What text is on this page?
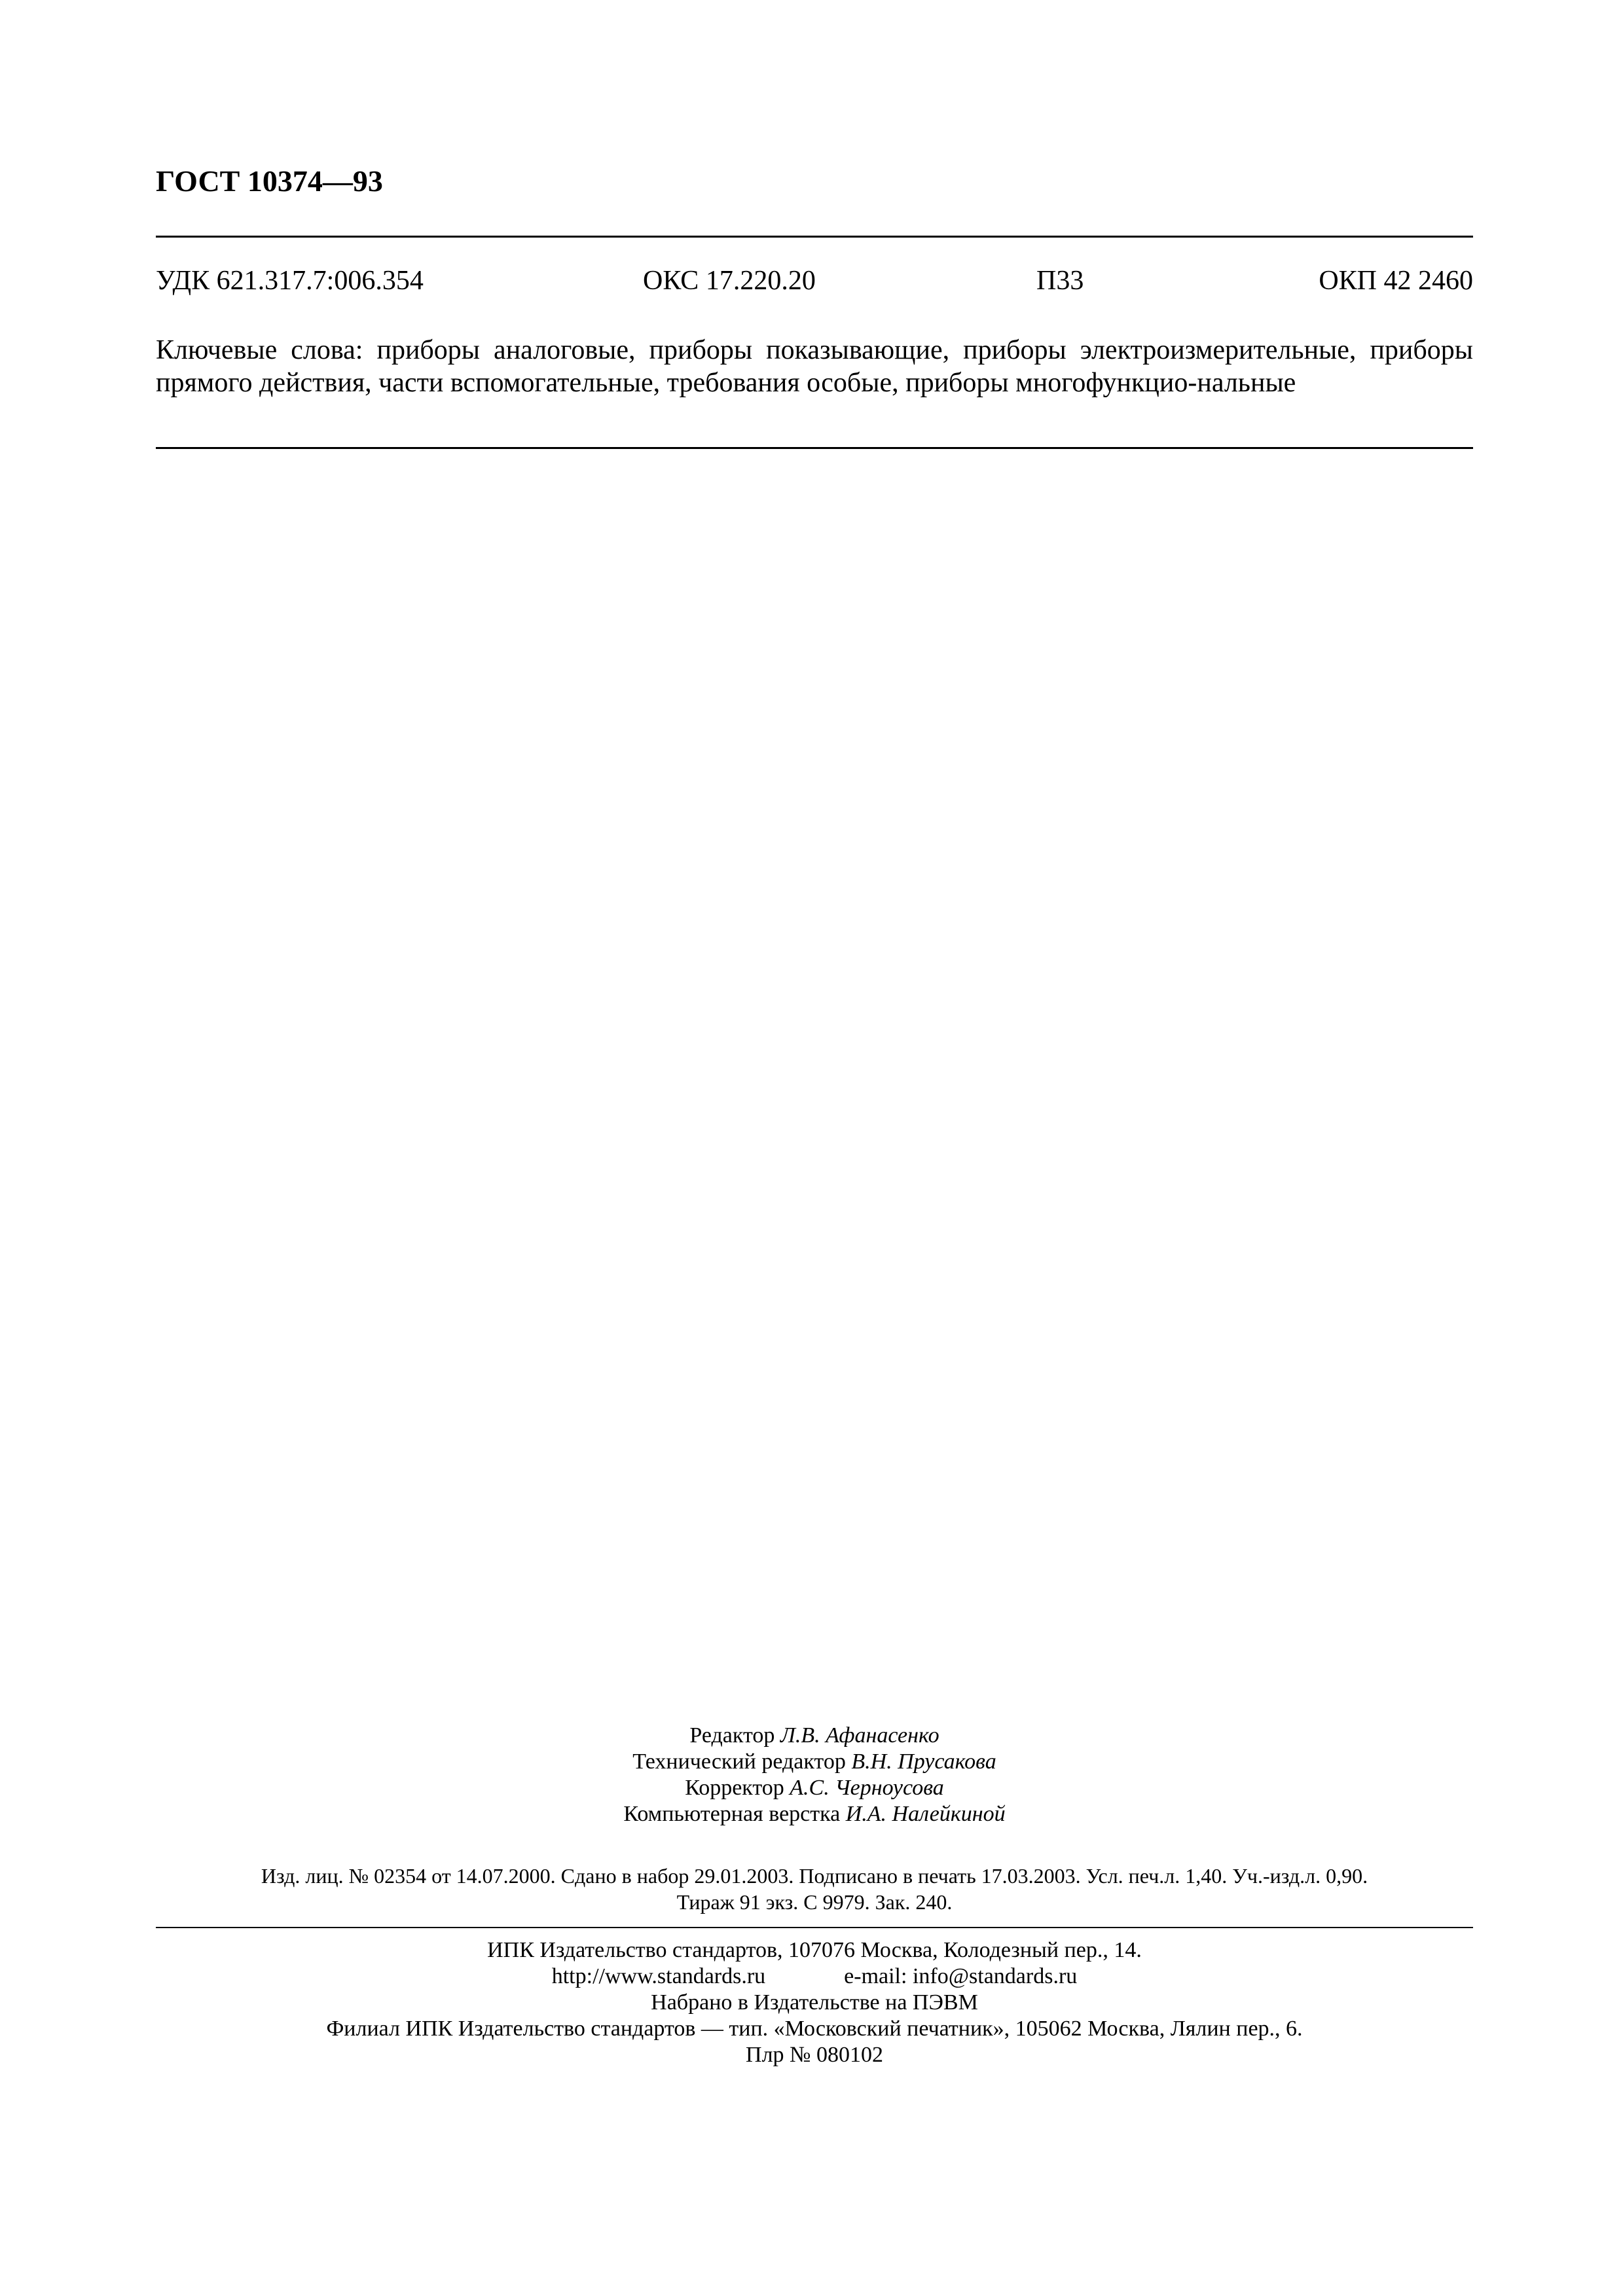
ГОСТ 10374—93
УДК 621.317.7:006.354	ОКС 17.220.20	П33	ОКП 42 2460
Ключевые слова: приборы аналоговые, приборы показывающие, приборы электроизмерительные, приборы прямого действия, части вспомогательные, требования особые, приборы многофункцио-нальные
Редактор Л.В. Афанасенко
Технический редактор В.Н. Прусакова
Корректор А.С. Черноусова
Компьютерная верстка И.А. Налейкиной
Изд. лиц. № 02354 от 14.07.2000. Сдано в набор 29.01.2003. Подписано в печать 17.03.2003. Усл. печ.л. 1,40. Уч.-изд.л. 0,90.
Тираж 91 экз. С 9979. Зак. 240.
ИПК Издательство стандартов, 107076 Москва, Колодезный пер., 14.
http://www.standards.ru	e-mail: info@standards.ru
Набрано в Издательстве на ПЭВМ
Филиал ИПК Издательство стандартов — тип. «Московский печатник», 105062 Москва, Лялин пер., 6.
Плр № 080102
